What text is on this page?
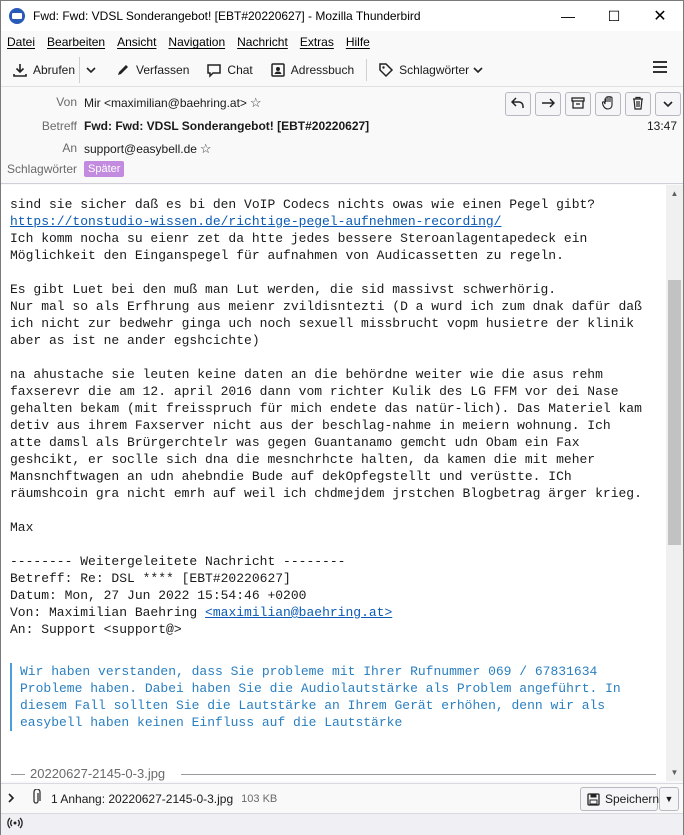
Fwd: Fwd: VDSL Sonderangebot! [EBT#20220627] - Mozilla Thunderbird	—	☐	✕
Datei Bearbeiten Ansicht Navigation Nachricht Extras Hilfe
Abrufen	Verfassen	Chat	Adressbuch	Schlagwörter
Von Mir <maximilian@baehring.at> ☆
Betreff Fwd: Fwd: VDSL Sonderangebot! [EBT#20220627]
An support@easybell.de ☆
Schlagwörter Später
13:47
sind sie sicher daß es bi den VoIP Codecs nichts owas wie einen Pegel gibt?
https://tonstudio-wissen.de/richtige-pegel-aufnehmen-recording/
Ich komm nocha su eienr zet da htte jedes bessere Steroanlagentapedeck ein
Möglichkeit den Einganspegel für aufnahmen von Audicassetten zu regeln.

Es gibt Luet bei den muß man Lut werden, die sid massivst schwerhörig.
Nur mal so als Erfhrung aus meienr zvildisntezti (D a wurd ich zum dnak dafür daß
ich nicht zur bedwehr ginga uch noch sexuell missbrucht vopm husietre der klinik
aber as ist ne ander egshcichte)

na ahustache sie leuten keine daten an die behördne weiter wie die asus rehm
faxserevr die am 12. april 2016 dann vom richter Kulik des LG FFM vor dei Nase
gehalten bekam (mit freisspruch für mich endete das natür-lich). Das Materiel kam
detiv aus ihrem Faxserver nicht aus der beschlag-nahme in meiern wohnung. Ich
atte damsl als Brürgerchtelr was gegen Guantanamo gemcht udn Obam ein Fax
geshcikt, er soclle sich dna die mesnchrhcte halten, da kamen die mit meher
Mansnchftwagen an udn ahebndie Bude auf dekOpfegstellt und verüstte. ICh
räumshcoin gra nicht emrh auf weil ich chdmejdem jrstchen Blogbetrag ärger krieg.

Max

-------- Weitergeleitete Nachricht --------
Betreff: Re: DSL **** [EBT#20220627]
Datum: Mon, 27 Jun 2022 15:54:46 +0200
Von: Maximilian Baehring <maximilian@baehring.at>
An: Support <support@>
Wir haben verstanden, dass Sie probleme mit Ihrer Rufnummer 069 / 67831634
Probleme haben. Dabei haben Sie die Audiolautstärke als Problem angeführt. In
diesem Fall sollten Sie die Lautstärke an Ihrem Gerät erhöhen, denn wir als
easybell haben keinen Einfluss auf die Lautstärke
20220627-2145-0-3.jpg
▲
▼
1 Anhang: 20220627-2145-0-3.jpg 103 KB	Speichern ▼
